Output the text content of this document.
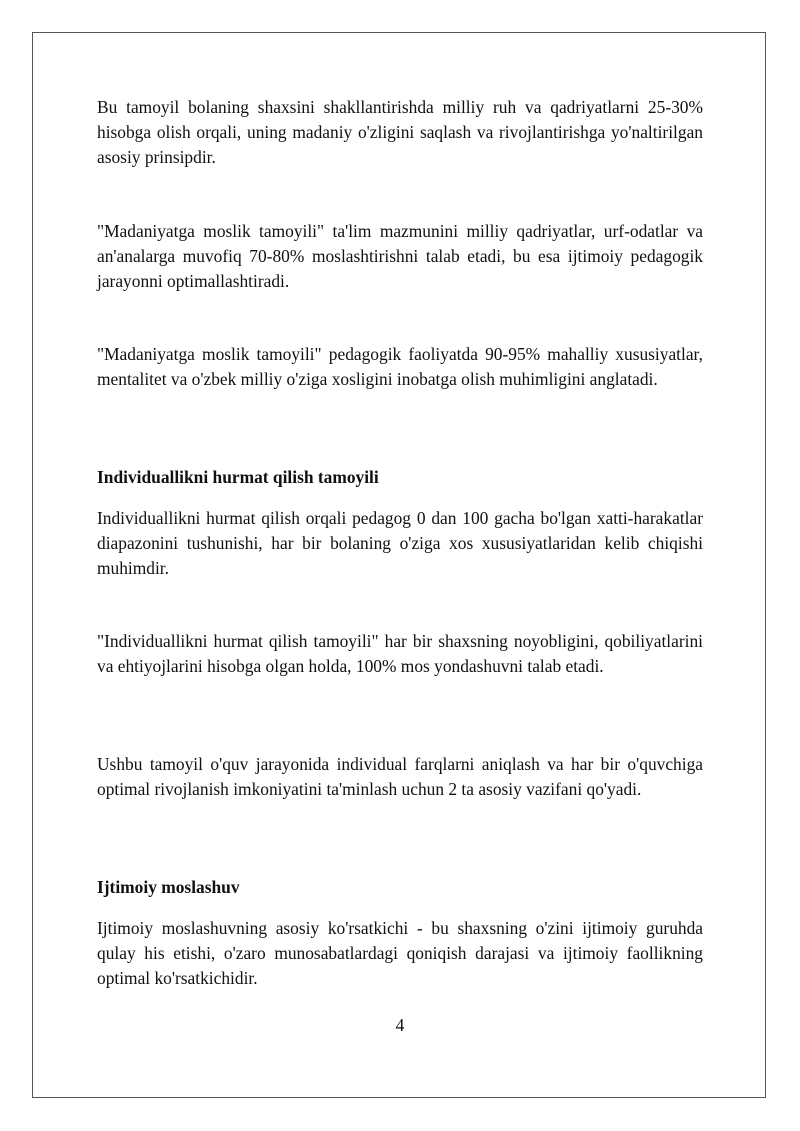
Bu tamoyil bolaning shaxsini shakllantirishda milliy ruh va qadriyatlarni 25-30% hisobga olish orqali, uning madaniy o'zligini saqlash va rivojlantirishga yo'naltirilgan asosiy prinsipdir.

"Madaniyatga moslik tamoyili" ta'lim mazmunini milliy qadriyatlar, urf-odatlar va an'analarga muvofiq 70-80% moslashtirishni talab etadi, bu esa ijtimoiy pedagogik jarayonni optimallashtiradi.

"Madaniyatga moslik tamoyili" pedagogik faoliyatda 90-95% mahalliy xususiyatlar, mentalitet va o'zbek milliy o'ziga xosligini inobatga olish muhimligini anglatadi.

Individuallikni hurmat qilish tamoyili

Individuallikni hurmat qilish orqali pedagog 0 dan 100 gacha bo'lgan xatti-harakatlar diapazonini tushunishi, har bir bolaning o'ziga xos xususiyatlaridan kelib chiqishi muhimdir.

"Individuallikni hurmat qilish tamoyili" har bir shaxsning noyobligini, qobiliyatlarini va ehtiyojlarini hisobga olgan holda, 100% mos yondashuvni talab etadi.

Ushbu tamoyil o'quv jarayonida individual farqlarni aniqlash va har bir o'quvchiga optimal rivojlanish imkoniyatini ta'minlash uchun 2 ta asosiy vazifani qo'yadi.

Ijtimoiy moslashuv

Ijtimoiy moslashuvning asosiy ko'rsatkichi - bu shaxsning o'zini ijtimoiy guruhda qulay his etishi, o'zaro munosabatlardagi qoniqish darajasi va ijtimoiy faollikning optimal ko'rsatkichidir.

4
